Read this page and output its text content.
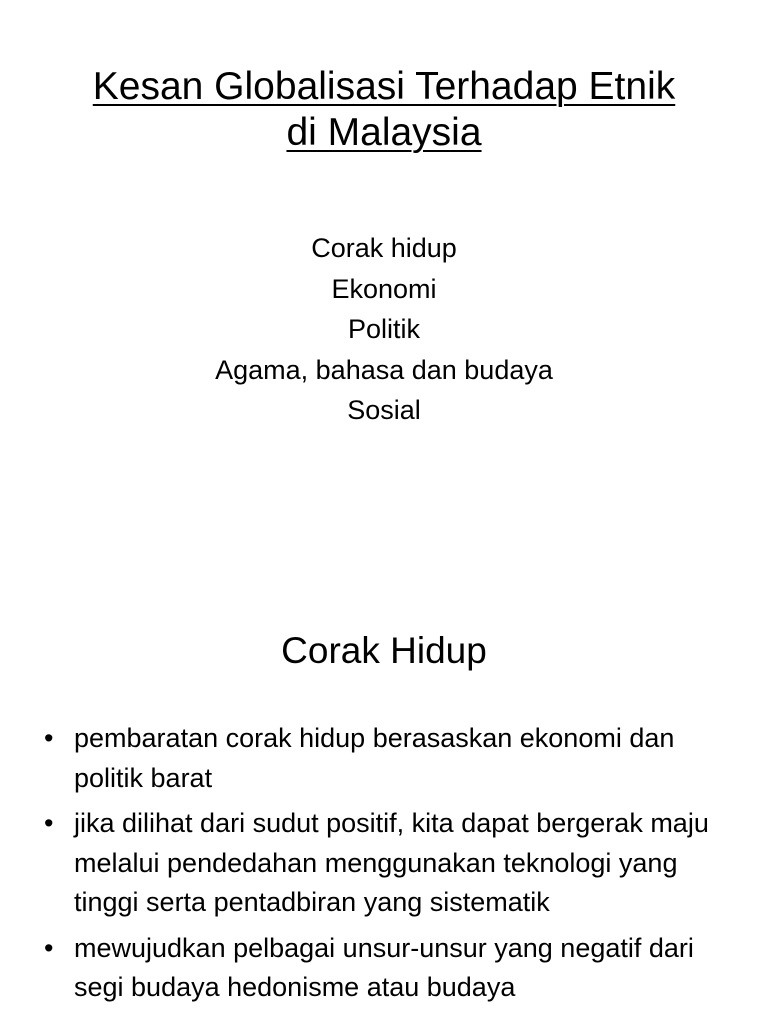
Kesan Globalisasi Terhadap Etnik
di Malaysia
Corak hidup
Ekonomi
Politik
Agama, bahasa dan budaya
Sosial
Corak Hidup
• pembaratan corak hidup berasaskan ekonomi dan politik barat
• jika dilihat dari sudut positif, kita dapat bergerak maju melalui pendedahan menggunakan teknologi yang tinggi serta pentadbiran yang sistematik
• mewujudkan pelbagai unsur-unsur yang negatif dari segi budaya hedonisme atau budaya
